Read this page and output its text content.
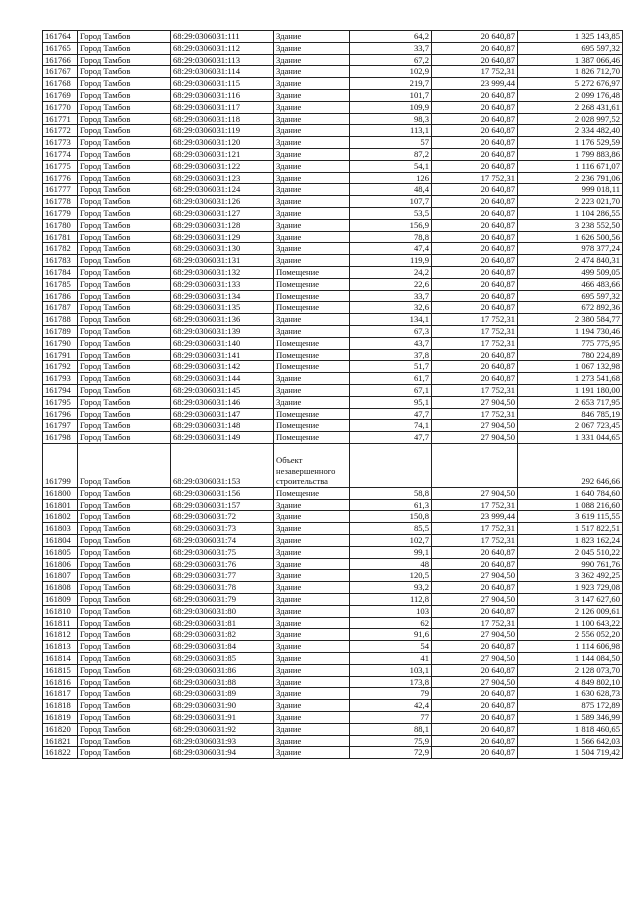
161764	Город Тамбов	68:29:0306031:111	Здание	64,2	20 640,87	1 325 143,85
161765	Город Тамбов	68:29:0306031:112	Здание	33,7	20 640,87	695 597,32
161766	Город Тамбов	68:29:0306031:113	Здание	67,2	20 640,87	1 387 066,46
161767	Город Тамбов	68:29:0306031:114	Здание	102,9	17 752,31	1 826 712,70
161768	Город Тамбов	68:29:0306031:115	Здание	219,7	23 999,44	5 272 676,97
161769	Город Тамбов	68:29:0306031:116	Здание	101,7	20 640,87	2 099 176,48
161770	Город Тамбов	68:29:0306031:117	Здание	109,9	20 640,87	2 268 431,61
161771	Город Тамбов	68:29:0306031:118	Здание	98,3	20 640,87	2 028 997,52
161772	Город Тамбов	68:29:0306031:119	Здание	113,1	20 640,87	2 334 482,40
161773	Город Тамбов	68:29:0306031:120	Здание	57	20 640,87	1 176 529,59
161774	Город Тамбов	68:29:0306031:121	Здание	87,2	20 640,87	1 799 883,86
161775	Город Тамбов	68:29:0306031:122	Здание	54,1	20 640,87	1 116 671,07
161776	Город Тамбов	68:29:0306031:123	Здание	126	17 752,31	2 236 791,06
161777	Город Тамбов	68:29:0306031:124	Здание	48,4	20 640,87	999 018,11
161778	Город Тамбов	68:29:0306031:126	Здание	107,7	20 640,87	2 223 021,70
161779	Город Тамбов	68:29:0306031:127	Здание	53,5	20 640,87	1 104 286,55
161780	Город Тамбов	68:29:0306031:128	Здание	156,9	20 640,87	3 238 552,50
161781	Город Тамбов	68:29:0306031:129	Здание	78,8	20 640,87	1 626 500,56
161782	Город Тамбов	68:29:0306031:130	Здание	47,4	20 640,87	978 377,24
161783	Город Тамбов	68:29:0306031:131	Здание	119,9	20 640,87	2 474 840,31
161784	Город Тамбов	68:29:0306031:132	Помещение	24,2	20 640,87	499 509,05
161785	Город Тамбов	68:29:0306031:133	Помещение	22,6	20 640,87	466 483,66
161786	Город Тамбов	68:29:0306031:134	Помещение	33,7	20 640,87	695 597,32
161787	Город Тамбов	68:29:0306031:135	Помещение	32,6	20 640,87	672 892,36
161788	Город Тамбов	68:29:0306031:136	Здание	134,1	17 752,31	2 380 584,77
161789	Город Тамбов	68:29:0306031:139	Здание	67,3	17 752,31	1 194 730,46
161790	Город Тамбов	68:29:0306031:140	Помещение	43,7	17 752,31	775 775,95
161791	Город Тамбов	68:29:0306031:141	Помещение	37,8	20 640,87	780 224,89
161792	Город Тамбов	68:29:0306031:142	Помещение	51,7	20 640,87	1 067 132,98
161793	Город Тамбов	68:29:0306031:144	Здание	61,7	20 640,87	1 273 541,68
161794	Город Тамбов	68:29:0306031:145	Здание	67,1	17 752,31	1 191 180,00
161795	Город Тамбов	68:29:0306031:146	Здание	95,1	27 904,50	2 653 717,95
161796	Город Тамбов	68:29:0306031:147	Помещение	47,7	17 752,31	846 785,19
161797	Город Тамбов	68:29:0306031:148	Помещение	74,1	27 904,50	2 067 723,45
161798	Город Тамбов	68:29:0306031:149	Помещение	47,7	27 904,50	1 331 044,65
161799	Город Тамбов	68:29:0306031:153	Объект незавершенного строительства			292 646,66
161800	Город Тамбов	68:29:0306031:156	Помещение	58,8	27 904,50	1 640 784,60
161801	Город Тамбов	68:29:0306031:157	Здание	61,3	17 752,31	1 088 216,60
161802	Город Тамбов	68:29:0306031:72	Здание	150,8	23 999,44	3 619 115,55
161803	Город Тамбов	68:29:0306031:73	Здание	85,5	17 752,31	1 517 822,51
161804	Город Тамбов	68:29:0306031:74	Здание	102,7	17 752,31	1 823 162,24
161805	Город Тамбов	68:29:0306031:75	Здание	99,1	20 640,87	2 045 510,22
161806	Город Тамбов	68:29:0306031:76	Здание	48	20 640,87	990 761,76
161807	Город Тамбов	68:29:0306031:77	Здание	120,5	27 904,50	3 362 492,25
161808	Город Тамбов	68:29:0306031:78	Здание	93,2	20 640,87	1 923 729,08
161809	Город Тамбов	68:29:0306031:79	Здание	112,8	27 904,50	3 147 627,60
161810	Город Тамбов	68:29:0306031:80	Здание	103	20 640,87	2 126 009,61
161811	Город Тамбов	68:29:0306031:81	Здание	62	17 752,31	1 100 643,22
161812	Город Тамбов	68:29:0306031:82	Здание	91,6	27 904,50	2 556 052,20
161813	Город Тамбов	68:29:0306031:84	Здание	54	20 640,87	1 114 606,98
161814	Город Тамбов	68:29:0306031:85	Здание	41	27 904,50	1 144 084,50
161815	Город Тамбов	68:29:0306031:86	Здание	103,1	20 640,87	2 128 073,70
161816	Город Тамбов	68:29:0306031:88	Здание	173,8	27 904,50	4 849 802,10
161817	Город Тамбов	68:29:0306031:89	Здание	79	20 640,87	1 630 628,73
161818	Город Тамбов	68:29:0306031:90	Здание	42,4	20 640,87	875 172,89
161819	Город Тамбов	68:29:0306031:91	Здание	77	20 640,87	1 589 346,99
161820	Город Тамбов	68:29:0306031:92	Здание	88,1	20 640,87	1 818 460,65
161821	Город Тамбов	68:29:0306031:93	Здание	75,9	20 640,87	1 566 642,03
161822	Город Тамбов	68:29:0306031:94	Здание	72,9	20 640,87	1 504 719,42
